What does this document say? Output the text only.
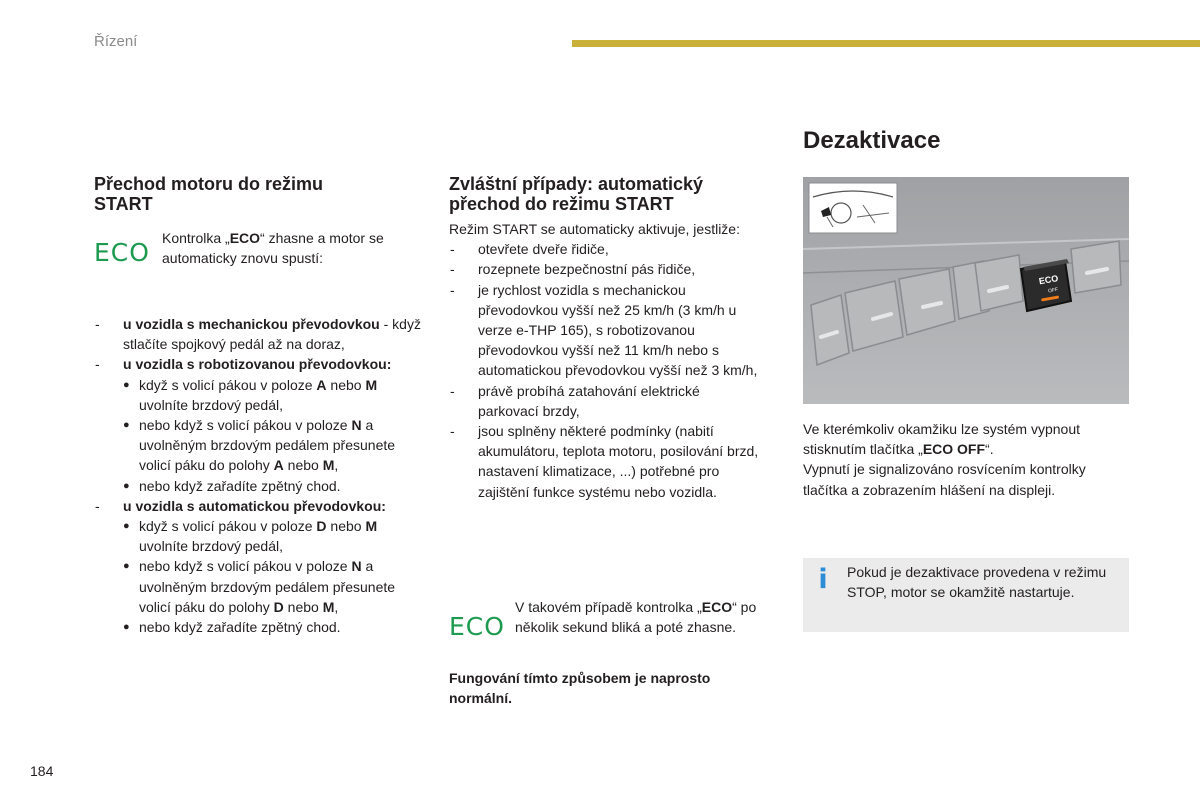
Řízení
Přechod motoru do režimu START
ECO Kontrolka „ECO“ zhasne a motor se automaticky znovu spustí:
- u vozidla s mechanickou převodovkou - když stlačíte spojkový pedál až na doraz,
- u vozidla s robotizovanou převodovkou:
● když s volicí pákou v poloze A nebo M uvolníte brzdový pedál,
● nebo když s volicí pákou v poloze N a uvolněným brzdovým pedálem přesunete volicí páku do polohy A nebo M,
● nebo když zařadíte zpětný chod.
- u vozidla s automatickou převodovkou:
● když s volicí pákou v poloze D nebo M uvolníte brzdový pedál,
● nebo když s volicí pákou v poloze N a uvolněným brzdovým pedálem přesunete volicí páku do polohy D nebo M,
● nebo když zařadíte zpětný chod.
Zvláštní případy: automatický přechod do režimu START
Režim START se automaticky aktivuje, jestliže:
- otevřete dveře řidiče,
- rozepnete bezpečnostní pás řidiče,
- je rychlost vozidla s mechanickou převodovkou vyšší než 25 km/h (3 km/h u verze e-THP 165), s robotizovanou převodovkou vyšší než 11 km/h nebo s automatickou převodovkou vyšší než 3 km/h,
- právě probíhá zatahování elektrické parkovací brzdy,
- jsou splněny některé podmínky (nabití akumulátoru, teplota motoru, posilování brzd, nastavení klimatizace, ...) potřebné pro zajištění funkce systému nebo vozidla.
ECO
V takovém případě kontrolka „ECO“ po několik sekund bliká a poté zhasne.
Fungování tímto způsobem je naprosto normální.
Dezaktivace
ECO
OFF
Ve kterémkoliv okamžiku lze systém vypnout stisknutím tlačítka „ECO OFF“.
Vypnutí je signalizováno rosvícením kontrolky tlačítka a zobrazením hlášení na displeji.
i Pokud je dezaktivace provedena v režimu STOP, motor se okamžitě nastartuje.
184
